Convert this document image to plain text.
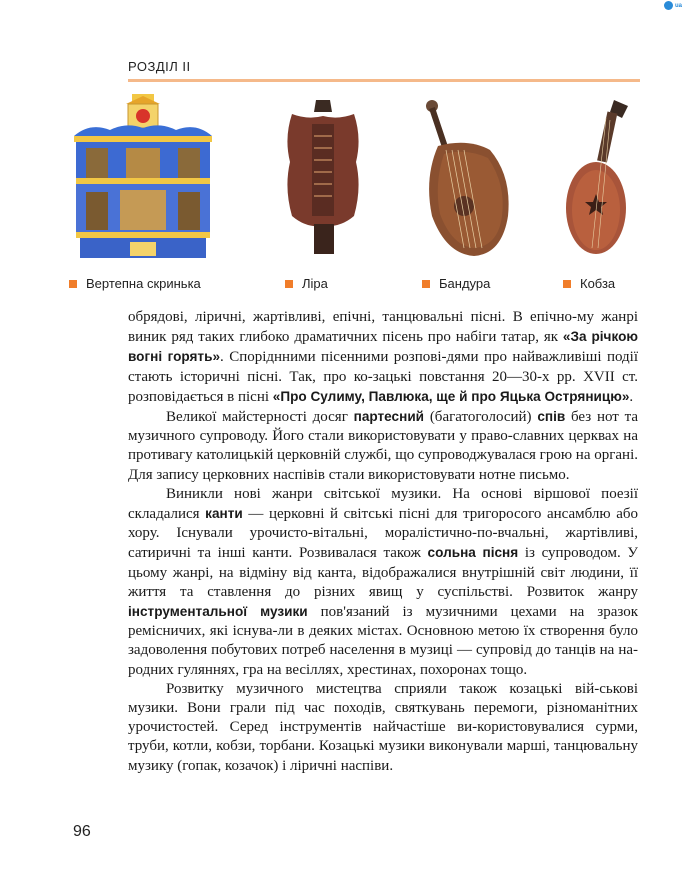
ua
РОЗДІЛ ІІ
Вертепна скринька	Ліра	Бандура	Кобза

обрядові, ліричні, жартівливі, епічні, танцювальні пісні. В епічно-му жанрі виник ряд таких глибоко драматичних пісень про набіги татар, як «За річкою вогні горять». Споріднними пісенними розпові-дями про найважливіші події стають історичні пісні. Так, про ко-зацькі повстання 20—30-х рр. XVII ст. розповідається в пісні «Про Сулиму, Павлюка, ще й про Яцька Остряницю».

Великої майстерності досяг партесний (багатоголосий) спів без нот та музичного супроводу. Його стали використовувати у право-славних церквах на противагу католицькій церковній службі, що супроводжувалася грою на органі. Для запису церковних наспівів стали використовувати нотне письмо.

Виникли нові жанри світської музики. На основі віршової поезії складалися канти — церковні й світські пісні для тригоросого ансамблю або хору. Існували урочисто-вітальні, моралістично-по-вчальні, жартівливі, сатиричні та інші канти. Розвивалася також сольна пісня із супроводом. У цьому жанрі, на відміну від канта, відображалися внутрішній світ людини, її життя та ставлення до різних явищ у суспільстві. Розвиток жанру інструментальної музики пов'язаний із музичними цехами на зразок ремісничих, які існува-ли в деяких містах. Основною метою їх створення було задоволення побутових потреб населення в музиці — супровід до танців на на-родних гуляннях, гра на весіллях, хрестинах, похоронах тощо.

Розвитку музичного мистецтва сприяли також козацькі вій-ськові музики. Вони грали під час походів, святкувань перемоги, різноманітних урочистостей. Серед інструментів найчастіше ви-користовувалися сурми, труби, котли, кобзи, торбани. Козацькі музики виконували марші, танцювальну музику (гопак, козачок) і ліричні наспіви.

96
